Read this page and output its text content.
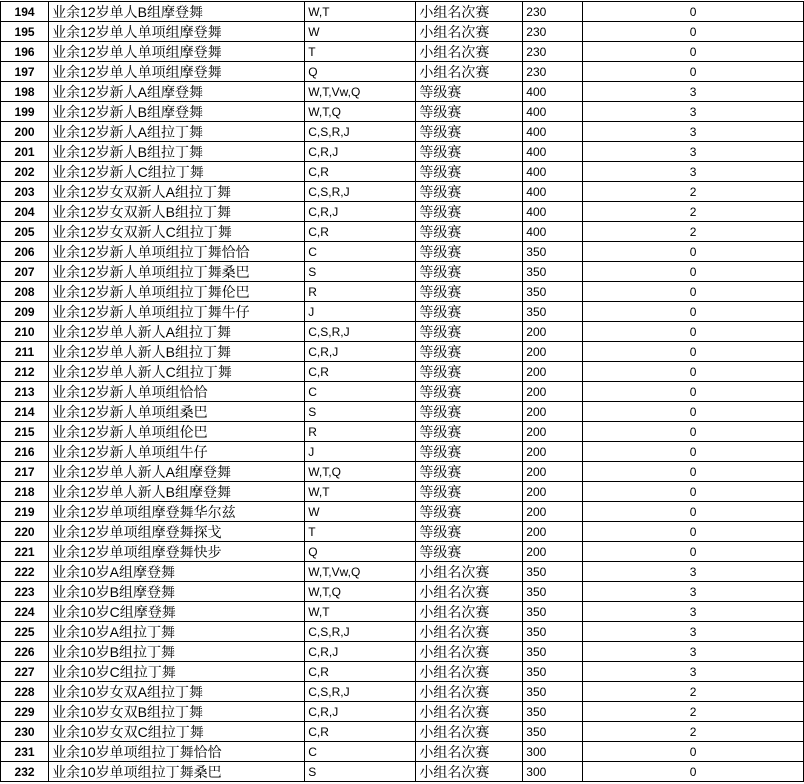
194	业余12岁单人B组摩登舞	W,T	小组名次赛	230	0
195	业余12岁单人单项组摩登舞	W	小组名次赛	230	0
196	业余12岁单人单项组摩登舞	T	小组名次赛	230	0
197	业余12岁单人单项组摩登舞	Q	小组名次赛	230	0
198	业余12岁新人A组摩登舞	W,T,Vw,Q	等级赛	400	3
199	业余12岁新人B组摩登舞	W,T,Q	等级赛	400	3
200	业余12岁新人A组拉丁舞	C,S,R,J	等级赛	400	3
201	业余12岁新人B组拉丁舞	C,R,J	等级赛	400	3
202	业余12岁新人C组拉丁舞	C,R	等级赛	400	3
203	业余12岁女双新人A组拉丁舞	C,S,R,J	等级赛	400	2
204	业余12岁女双新人B组拉丁舞	C,R,J	等级赛	400	2
205	业余12岁女双新人C组拉丁舞	C,R	等级赛	400	2
206	业余12岁新人单项组拉丁舞恰恰	C	等级赛	350	0
207	业余12岁新人单项组拉丁舞桑巴	S	等级赛	350	0
208	业余12岁新人单项组拉丁舞伦巴	R	等级赛	350	0
209	业余12岁新人单项组拉丁舞牛仔	J	等级赛	350	0
210	业余12岁单人新人A组拉丁舞	C,S,R,J	等级赛	200	0
211	业余12岁单人新人B组拉丁舞	C,R,J	等级赛	200	0
212	业余12岁单人新人C组拉丁舞	C,R	等级赛	200	0
213	业余12岁新人单项组恰恰	C	等级赛	200	0
214	业余12岁新人单项组桑巴	S	等级赛	200	0
215	业余12岁新人单项组伦巴	R	等级赛	200	0
216	业余12岁新人单项组牛仔	J	等级赛	200	0
217	业余12岁单人新人A组摩登舞	W,T,Q	等级赛	200	0
218	业余12岁单人新人B组摩登舞	W,T	等级赛	200	0
219	业余12岁单项组摩登舞华尔兹	W	等级赛	200	0
220	业余12岁单项组摩登舞探戈	T	等级赛	200	0
221	业余12岁单项组摩登舞快步	Q	等级赛	200	0
222	业余10岁A组摩登舞	W,T,Vw,Q	小组名次赛	350	3
223	业余10岁B组摩登舞	W,T,Q	小组名次赛	350	3
224	业余10岁C组摩登舞	W,T	小组名次赛	350	3
225	业余10岁A组拉丁舞	C,S,R,J	小组名次赛	350	3
226	业余10岁B组拉丁舞	C,R,J	小组名次赛	350	3
227	业余10岁C组拉丁舞	C,R	小组名次赛	350	3
228	业余10岁女双A组拉丁舞	C,S,R,J	小组名次赛	350	2
229	业余10岁女双B组拉丁舞	C,R,J	小组名次赛	350	2
230	业余10岁女双C组拉丁舞	C,R	小组名次赛	350	2
231	业余10岁单项组拉丁舞恰恰	C	小组名次赛	300	0
232	业余10岁单项组拉丁舞桑巴	S	小组名次赛	300	0
